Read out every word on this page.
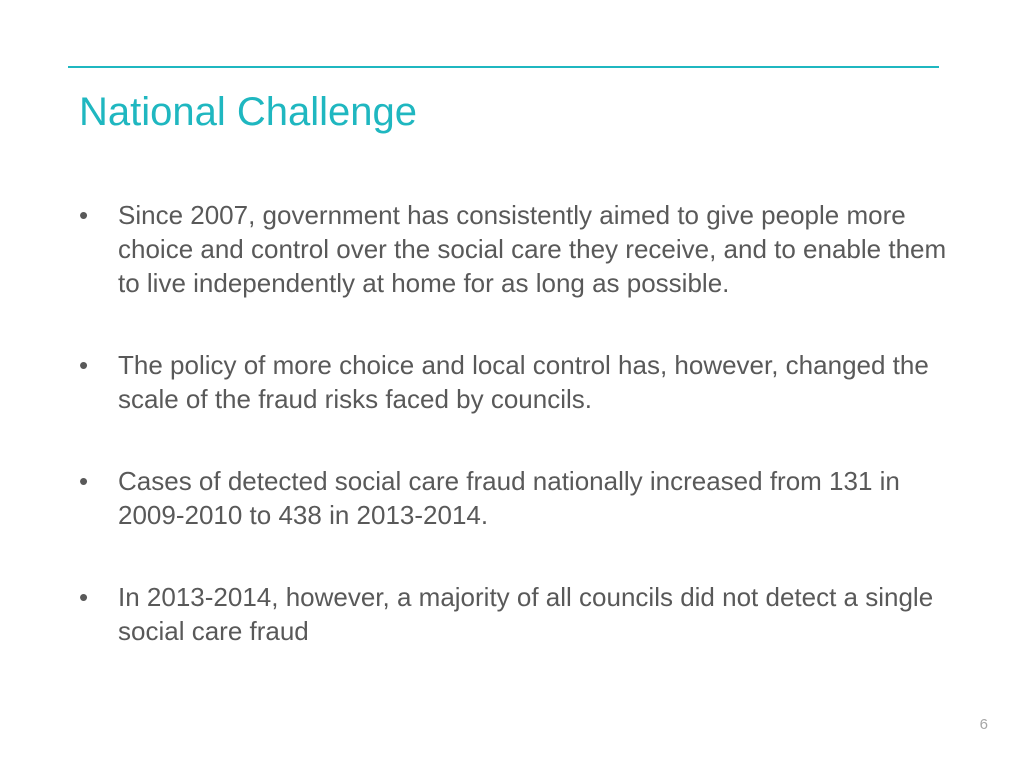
National Challenge
•	Since 2007, government has consistently aimed to give people more choice and control over the social care they receive, and to enable them to live independently at home for as long as possible.
•	The policy of more choice and local control has, however, changed the scale of the fraud risks faced by councils.
•	Cases of detected social care fraud nationally increased from 131 in 2009-2010 to 438 in 2013-2014.
•	In 2013-2014, however, a majority of all councils did not detect a single social care fraud
6
